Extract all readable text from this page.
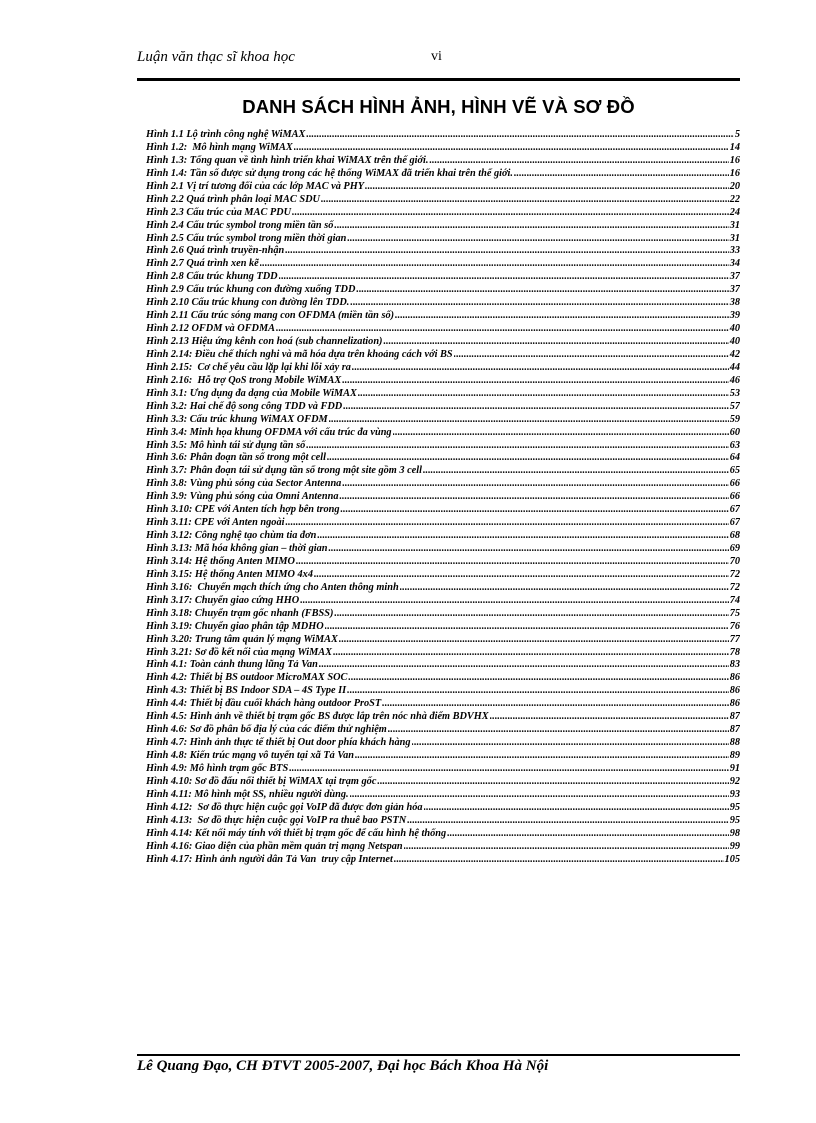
Luận văn thạc sĩ khoa học	vi
DANH SÁCH HÌNH ẢNH, HÌNH VẼ VÀ SƠ ĐỒ
Hình 1.1 Lộ trình công nghệ WiMAX .....	5
Hình 1.2:  Mô hình mạng WiMAX .....	14
Hình 1.3: Tổng quan về tình hình triển khai WiMAX trên thế giới. .....	16
Hình 1.4: Tần số được sử dụng trong các hệ thống WiMAX đã triển khai trên thế giới. .....	16
Hình 2.1 Vị trí tương đối của các lớp MAC và PHY .....	20
Hình 2.2 Quá trình phân loại MAC SDU .....	22
Hình 2.3 Cấu trúc của MAC PDU .....	24
Hình 2.4 Cấu trúc symbol trong miền tần số .....	31
Hình 2.5 Cấu trúc symbol trong miền thời gian .....	31
Hình 2.6 Quá trình truyền-nhận .....	33
Hình 2.7 Quá trình xen kẽ .....	34
Hình 2.8 Cấu trúc khung TDD .....	37
Hình 2.9 Cấu trúc khung con đường xuống TDD .....	37
Hình 2.10 Cấu trúc khung con đường lên TDD. .....	38
Hình 2.11 Cấu trúc sóng mang con OFDMA (miền tần số) .....	39
Hình 2.12 OFDM và OFDMA .....	40
Hình 2.13 Hiệu ứng kênh con hoá (sub channelization) .....	40
Hình 2.14: Điều chế thích nghi và mã hóa dựa trên khoảng cách với BS .....	42
Hình 2.15:  Cơ chế yêu cầu lặp lại khi lỗi xảy ra .....	44
Hình 2.16:  Hỗ trợ QoS trong Mobile WiMAX .....	46
Hình 3.1: Ứng dụng đa dạng của Mobile WiMAX .....	53
Hình 3.2: Hai chế độ song công TDD và FDD .....	57
Hình 3.3: Cấu trúc khung WiMAX OFDM .....	59
Hình 3.4: Minh họa khung OFDMA với cấu trúc đa vùng .....	60
Hình 3.5: Mô hình tái sử dụng tần số .....	63
Hình 3.6: Phân đoạn tần số trong một cell .....	64
Hình 3.7: Phân đoạn tái sử dụng tần số trong một site gồm 3 cell .....	65
Hình 3.8: Vùng phủ sóng của Sector Antenna .....	66
Hình 3.9: Vùng phủ sóng của Omni Antenna .....	66
Hình 3.10: CPE với Anten tích hợp bên trong .....	67
Hình 3.11: CPE với Anten ngoài .....	67
Hình 3.12: Công nghệ tạo chùm tia đơn .....	68
Hình 3.13: Mã hóa không gian – thời gian .....	69
Hình 3.14: Hệ thống Anten MIMO .....	70
Hình 3.15: Hệ thống Anten MIMO 4x4 .....	72
Hình 3.16:  Chuyển mạch thích ứng cho Anten thông minh .....	72
Hình 3.17: Chuyển giao cứng HHO .....	74
Hình 3.18: Chuyển trạm gốc nhanh (FBSS) .....	75
Hình 3.19: Chuyển giao phân tập MDHO .....	76
Hình 3.20: Trung tâm quản lý mạng WiMAX .....	77
Hình 3.21: Sơ đồ kết nối của mạng WiMAX .....	78
Hình 4.1: Toàn cảnh thung lũng Tả Van .....	83
Hình 4.2: Thiết bị BS outdoor MicroMAX SOC .....	86
Hình 4.3: Thiết bị BS Indoor SDA – 4S Type II .....	86
Hình 4.4: Thiết bị đầu cuối khách hàng outdoor ProST .....	86
Hình 4.5: Hình ảnh về thiết bị trạm gốc BS được lắp trên nóc nhà điểm BDVHX .....	87
Hình 4.6: Sơ đồ phân bố địa lý của các điểm thử nghiệm .....	87
Hình 4.7: Hình ảnh thực tế thiết bị Out door phía khách hàng .....	88
Hình 4.8: Kiến trúc mạng vô tuyến tại xã Tả Van .....	89
Hình 4.9: Mô hình trạm gốc BTS .....	91
Hình 4.10: Sơ đồ đấu nối thiết bị WiMAX tại trạm gốc .....	92
Hình 4.11: Mô hình một SS, nhiều người dùng. .....	93
Hình 4.12:  Sơ đồ thực hiện cuộc gọi VoIP đã được đơn giản hóa .....	95
Hình 4.13:  Sơ đồ thực hiện cuộc gọi VoIP ra thuê bao PSTN .....	95
Hình 4.14: Kết nối máy tính với thiết bị trạm gốc để cấu hình hệ thống .....	98
Hình 4.16: Giao diện của phần mềm quản trị mạng Netspan .....	99
Hình 4.17: Hình ảnh người dân Tả Van  truy cập Internet .....	105
Lê Quang Đạo, CH ĐTVT 2005-2007, Đại học Bách Khoa Hà Nội
